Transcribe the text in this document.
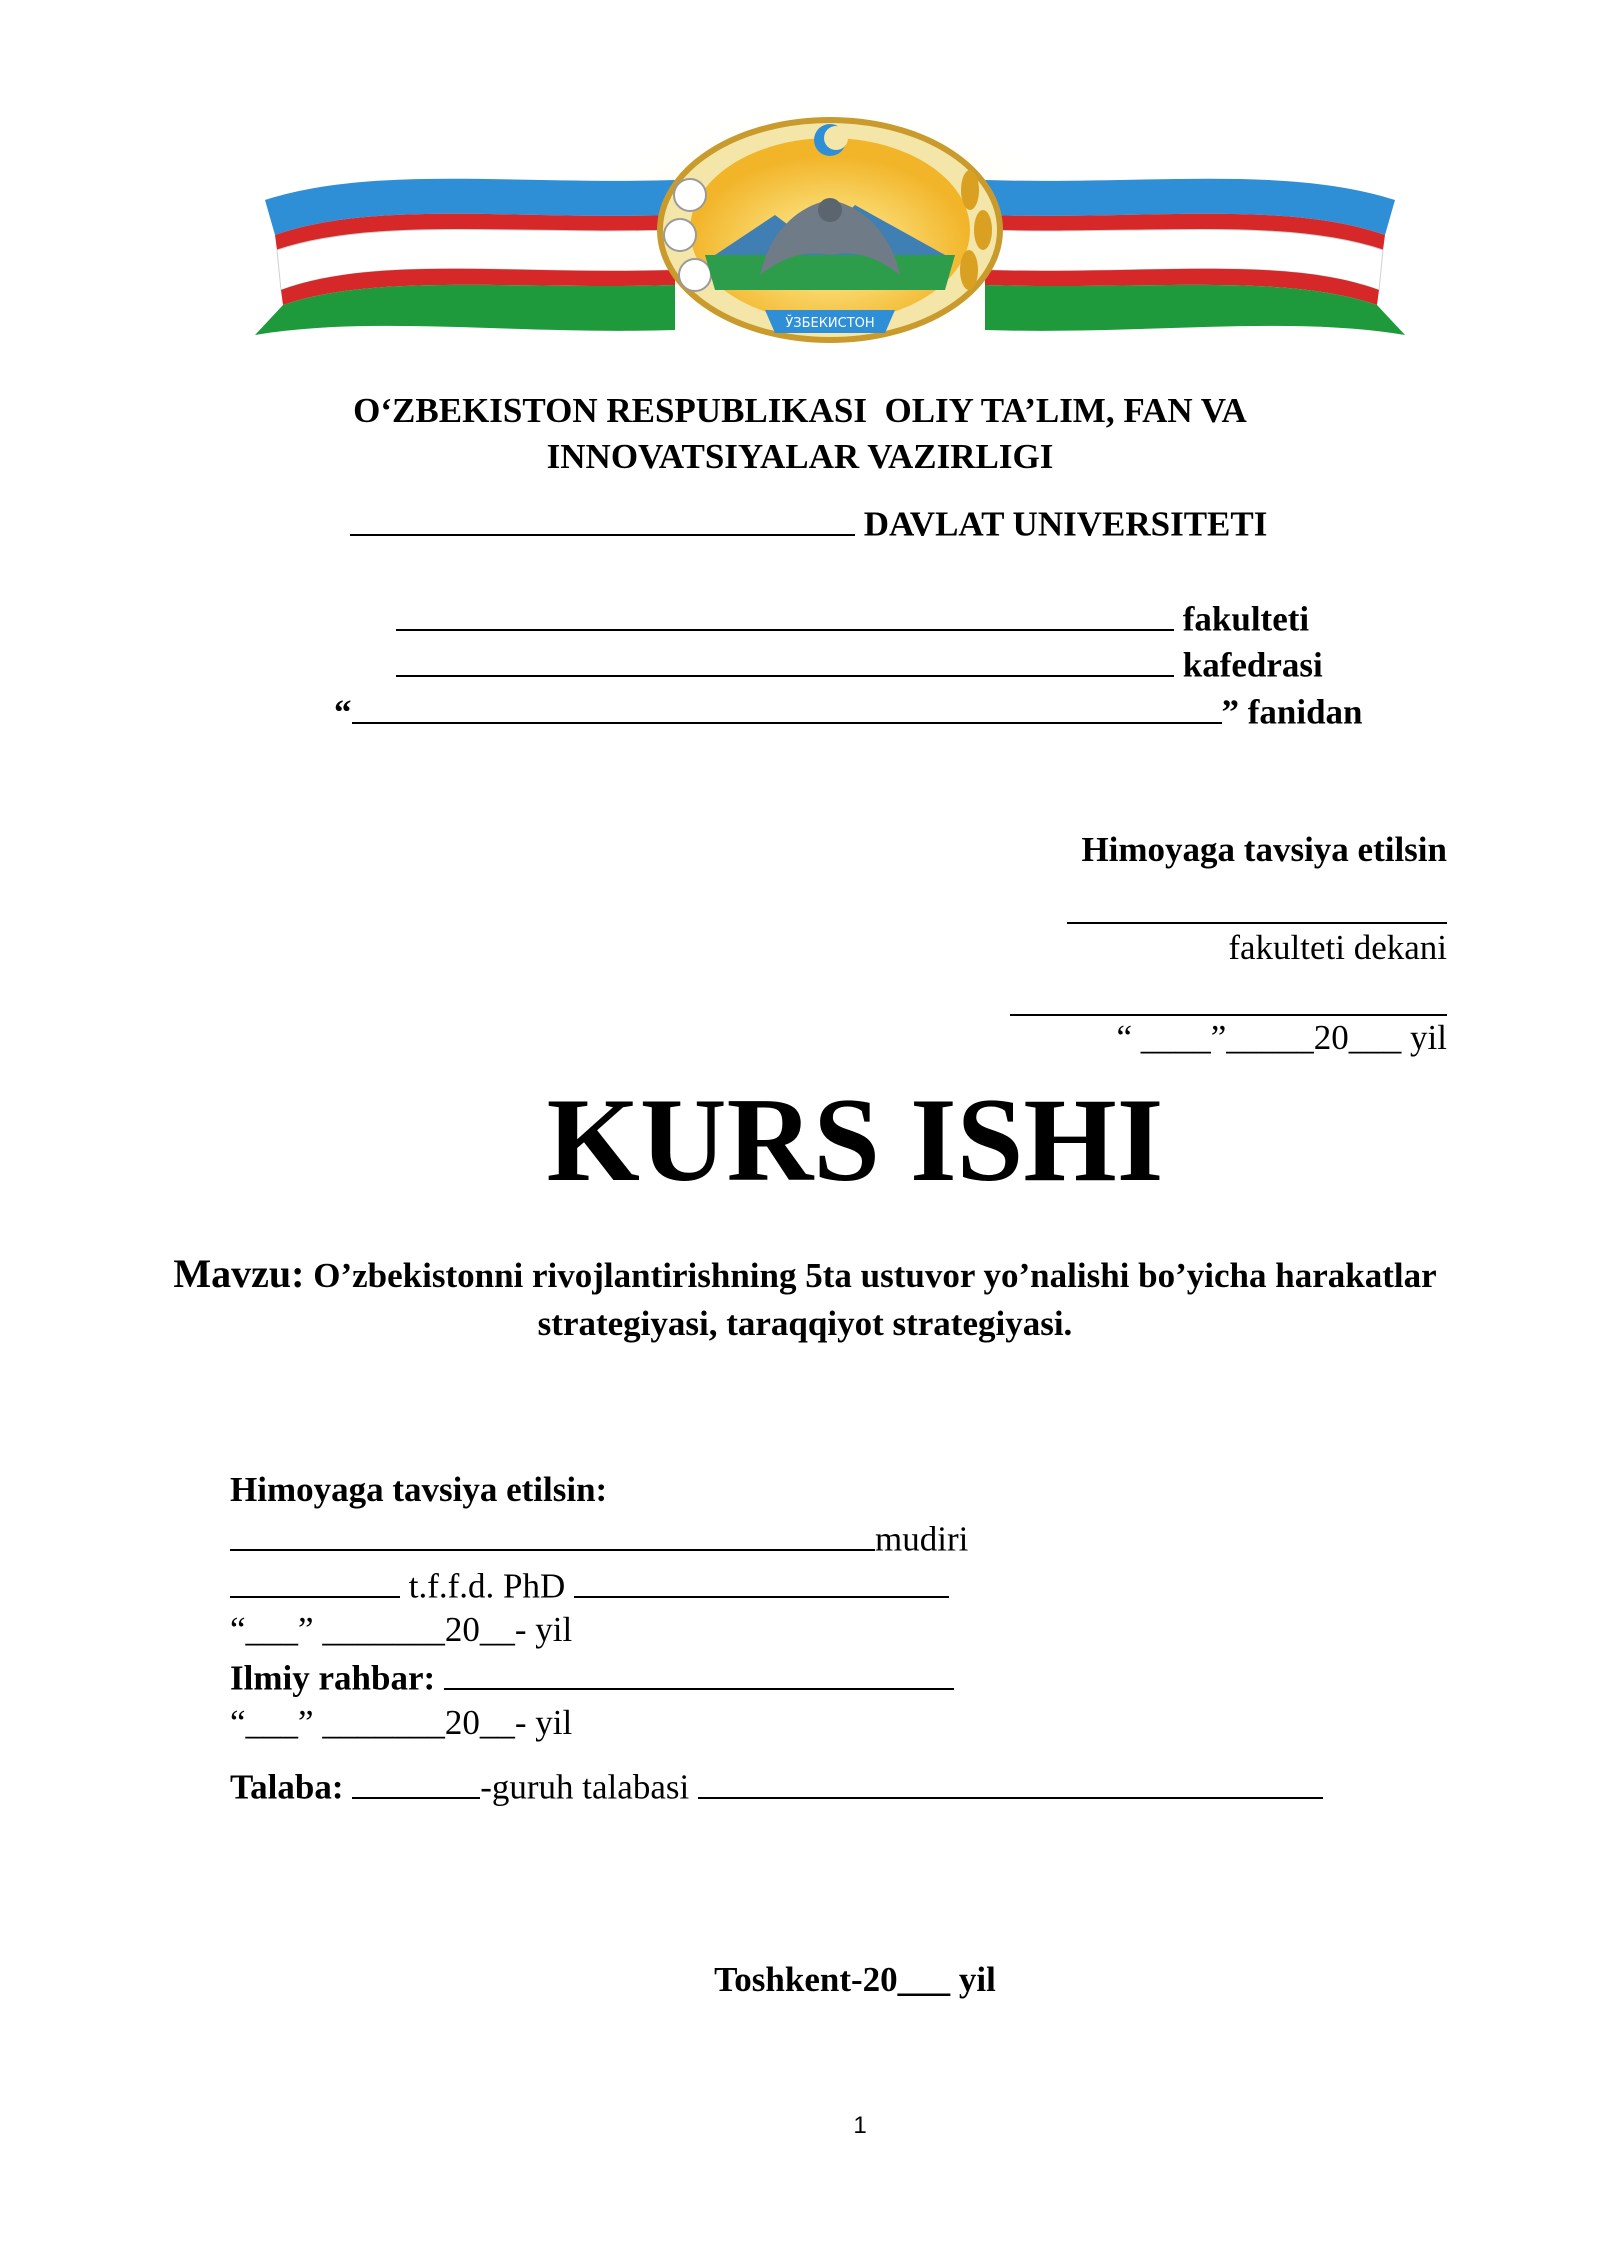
ЎЗБЕКИСТОН
O‘ZBEKISTON RESPUBLIKASI  OLIY TA’LIM, FAN VA
INNOVATSIYALAR VAZIRLIGI
DAVLAT UNIVERSITETI
fakulteti
kafedrasi
“	” fanidan
Himoyaga tavsiya etilsin
fakulteti dekani
“ ____”_____20___ yil
KURS ISHI
Mavzu: O’zbekistonni rivojlantirishning 5ta ustuvor yo’nalishi bo’yicha harakatlar strategiyasi, taraqqiyot strategiyasi.
Himoyaga tavsiya etilsin:
mudiri
t.f.f.d. PhD
“___” _______20__- yil
Ilmiy rahbar:
“___” _______20__- yil
Talaba:	-guruh talabasi
Toshkent-20___ yil
1
